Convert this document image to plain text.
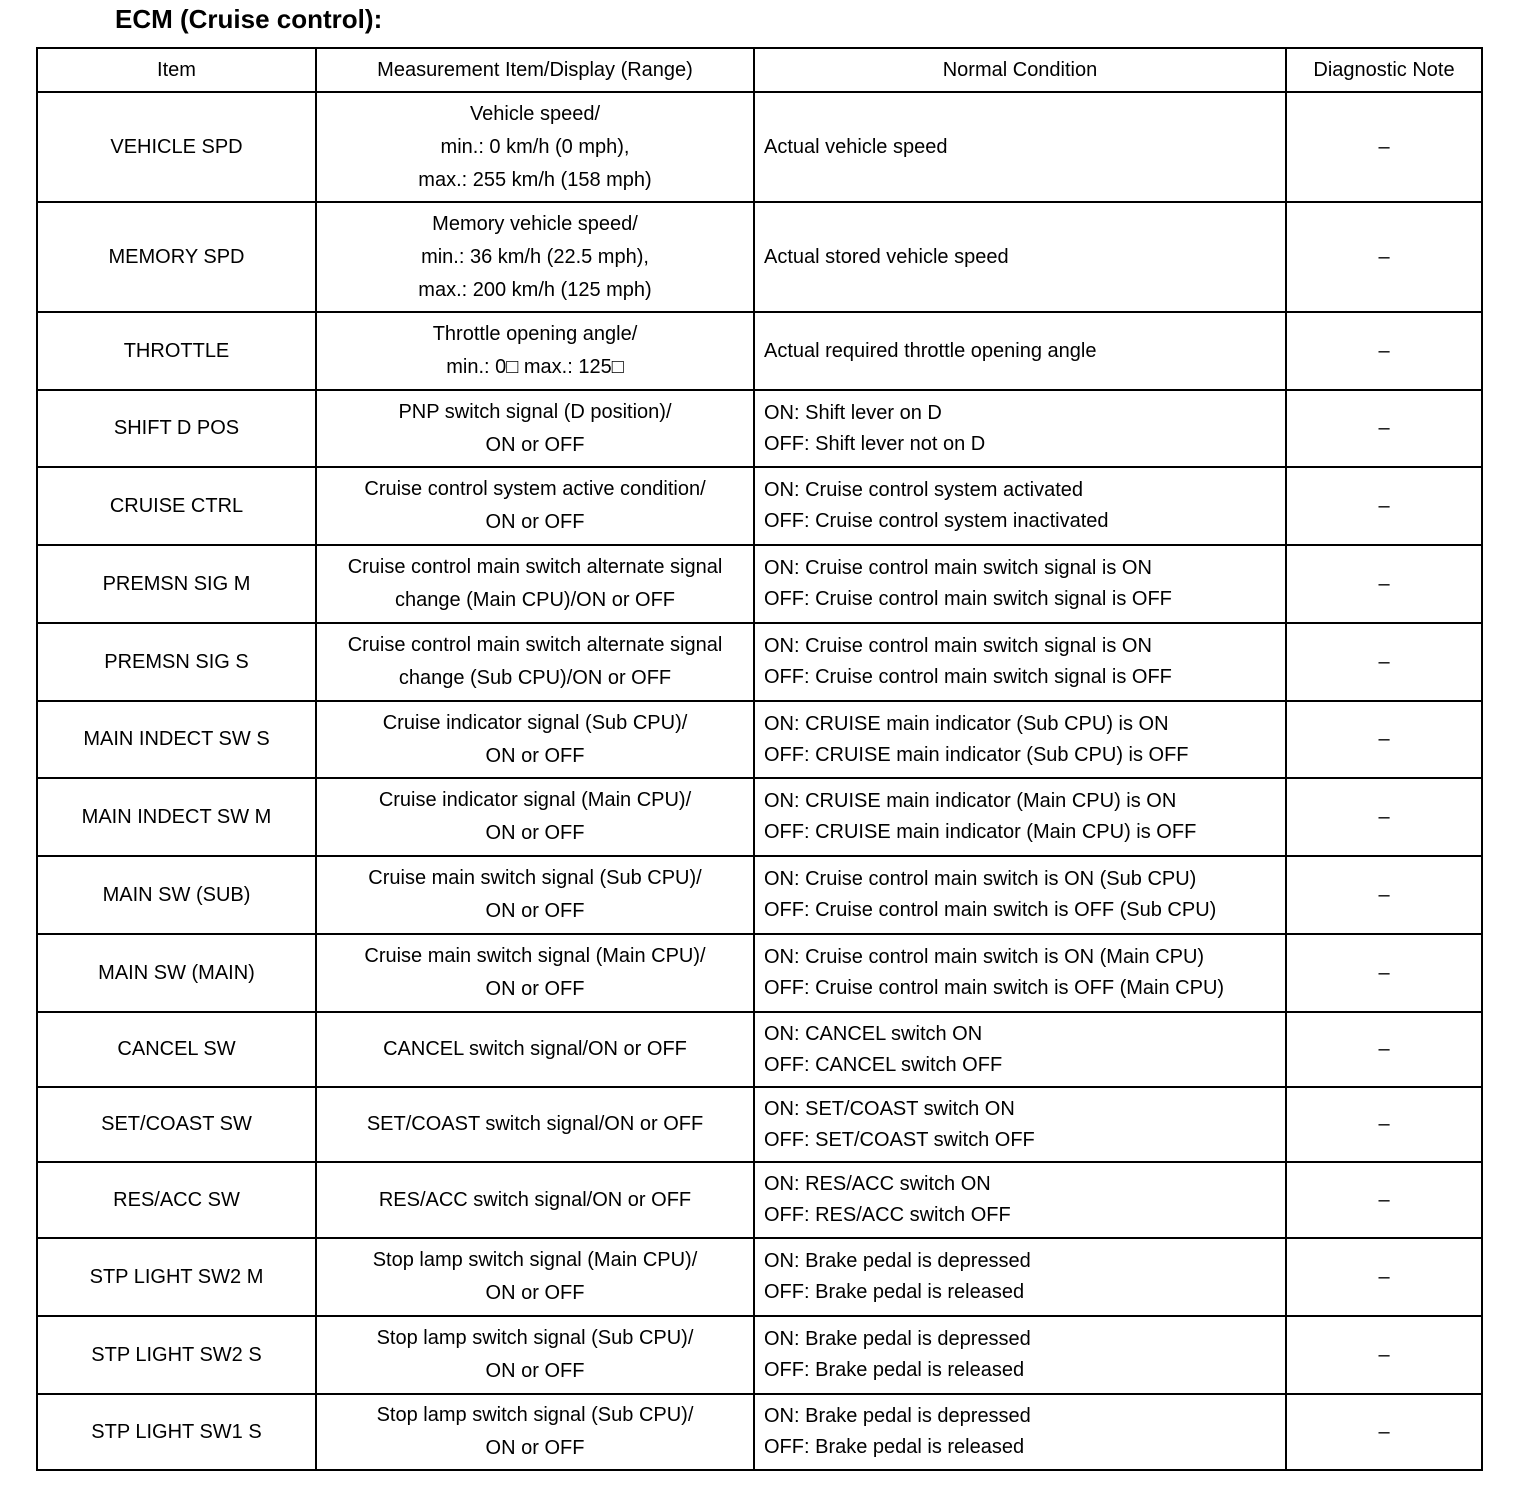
ECM (Cruise control):
Item	Measurement Item/Display (Range)	Normal Condition	Diagnostic Note
VEHICLE SPD	Vehicle speed/
min.: 0 km/h (0 mph),
max.: 255 km/h (158 mph)	Actual vehicle speed	–
MEMORY SPD	Memory vehicle speed/
min.: 36 km/h (22.5 mph),
max.: 200 km/h (125 mph)	Actual stored vehicle speed	–
THROTTLE	Throttle opening angle/
min.: 0□ max.: 125□	Actual required throttle opening angle	–
SHIFT D POS	PNP switch signal (D position)/
ON or OFF	ON: Shift lever on D
OFF: Shift lever not on D	–
CRUISE CTRL	Cruise control system active condition/
ON or OFF	ON: Cruise control system activated
OFF: Cruise control system inactivated	–
PREMSN SIG M	Cruise control main switch alternate signal
change (Main CPU)/ON or OFF	ON: Cruise control main switch signal is ON
OFF: Cruise control main switch signal is OFF	–
PREMSN SIG S	Cruise control main switch alternate signal
change (Sub CPU)/ON or OFF	ON: Cruise control main switch signal is ON
OFF: Cruise control main switch signal is OFF	–
MAIN INDECT SW S	Cruise indicator signal (Sub CPU)/
ON or OFF	ON: CRUISE main indicator (Sub CPU) is ON
OFF: CRUISE main indicator (Sub CPU) is OFF	–
MAIN INDECT SW M	Cruise indicator signal (Main CPU)/
ON or OFF	ON: CRUISE main indicator (Main CPU) is ON
OFF: CRUISE main indicator (Main CPU) is OFF	–
MAIN SW (SUB)	Cruise main switch signal (Sub CPU)/
ON or OFF	ON: Cruise control main switch is ON (Sub CPU)
OFF: Cruise control main switch is OFF (Sub CPU)	–
MAIN SW (MAIN)	Cruise main switch signal (Main CPU)/
ON or OFF	ON: Cruise control main switch is ON (Main CPU)
OFF: Cruise control main switch is OFF (Main CPU)	–
CANCEL SW	CANCEL switch signal/ON or OFF	ON: CANCEL switch ON
OFF: CANCEL switch OFF	–
SET/COAST SW	SET/COAST switch signal/ON or OFF	ON: SET/COAST switch ON
OFF: SET/COAST switch OFF	–
RES/ACC SW	RES/ACC switch signal/ON or OFF	ON: RES/ACC switch ON
OFF: RES/ACC switch OFF	–
STP LIGHT SW2 M	Stop lamp switch signal (Main CPU)/
ON or OFF	ON: Brake pedal is depressed
OFF: Brake pedal is released	–
STP LIGHT SW2 S	Stop lamp switch signal (Sub CPU)/
ON or OFF	ON: Brake pedal is depressed
OFF: Brake pedal is released	–
STP LIGHT SW1 S	Stop lamp switch signal (Sub CPU)/
ON or OFF	ON: Brake pedal is depressed
OFF: Brake pedal is released	–
